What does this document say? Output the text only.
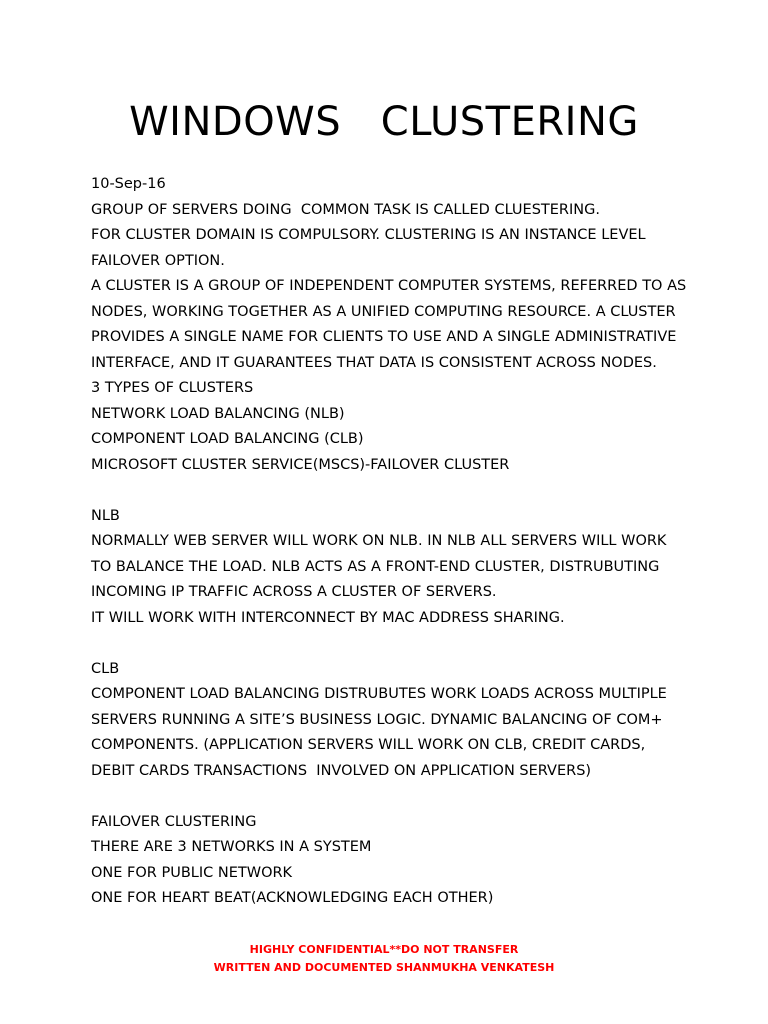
WINDOWS   CLUSTERING
10-Sep-16
GROUP OF SERVERS DOING  COMMON TASK IS CALLED CLUESTERING.
FOR CLUSTER DOMAIN IS COMPULSORY. CLUSTERING IS AN INSTANCE LEVEL
FAILOVER OPTION.
A CLUSTER IS A GROUP OF INDEPENDENT COMPUTER SYSTEMS, REFERRED TO AS
NODES, WORKING TOGETHER AS A UNIFIED COMPUTING RESOURCE. A CLUSTER
PROVIDES A SINGLE NAME FOR CLIENTS TO USE AND A SINGLE ADMINISTRATIVE
INTERFACE, AND IT GUARANTEES THAT DATA IS CONSISTENT ACROSS NODES.
3 TYPES OF CLUSTERS
NETWORK LOAD BALANCING (NLB)
COMPONENT LOAD BALANCING (CLB)
MICROSOFT CLUSTER SERVICE(MSCS)-FAILOVER CLUSTER
NLB
NORMALLY WEB SERVER WILL WORK ON NLB. IN NLB ALL SERVERS WILL WORK
TO BALANCE THE LOAD. NLB ACTS AS A FRONT-END CLUSTER, DISTRUBUTING
INCOMING IP TRAFFIC ACROSS A CLUSTER OF SERVERS.
IT WILL WORK WITH INTERCONNECT BY MAC ADDRESS SHARING.
CLB
COMPONENT LOAD BALANCING DISTRUBUTES WORK LOADS ACROSS MULTIPLE
SERVERS RUNNING A SITE’S BUSINESS LOGIC. DYNAMIC BALANCING OF COM+
COMPONENTS. (APPLICATION SERVERS WILL WORK ON CLB, CREDIT CARDS,
DEBIT CARDS TRANSACTIONS  INVOLVED ON APPLICATION SERVERS)
FAILOVER CLUSTERING
THERE ARE 3 NETWORKS IN A SYSTEM
ONE FOR PUBLIC NETWORK
ONE FOR HEART BEAT(ACKNOWLEDGING EACH OTHER)
HIGHLY CONFIDENTIAL**DO NOT TRANSFER
WRITTEN AND DOCUMENTED SHANMUKHA VENKATESH
